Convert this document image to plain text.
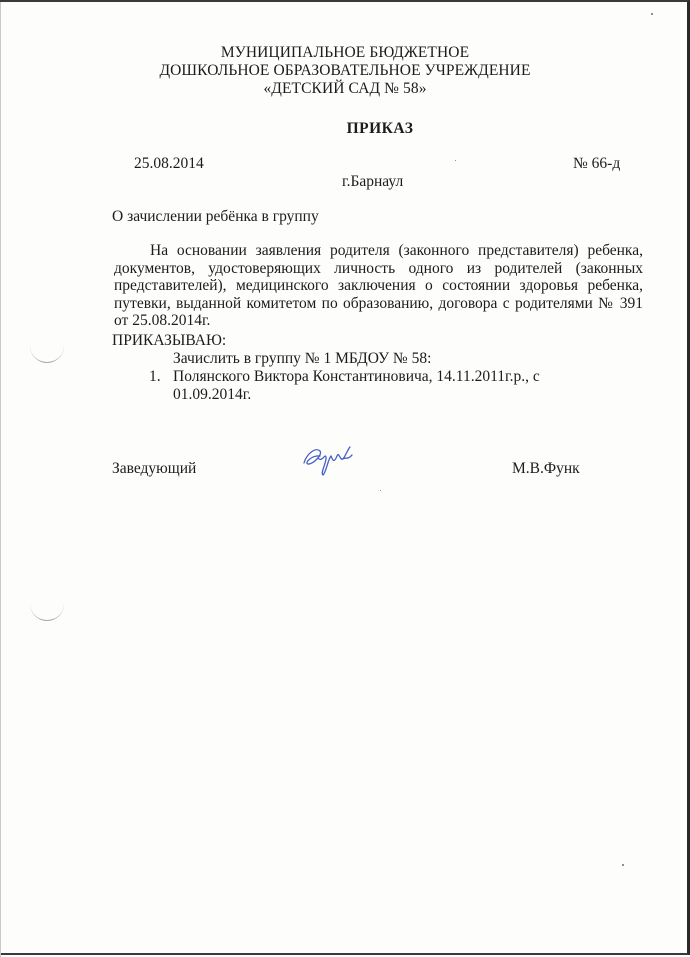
МУНИЦИПАЛЬНОЕ БЮДЖЕТНОЕ
ДОШКОЛЬНОЕ ОБРАЗОВАТЕЛЬНОЕ УЧРЕЖДЕНИЕ
«ДЕТСКИЙ САД № 58»
ПРИКАЗ
25.08.2014	№ 66-д
г.Барнаул
О зачислении ребёнка в группу
На основании заявления родителя (законного представителя) ребенка, документов, удостоверяющих личность одного из родителей (законных представителей), медицинского заключения о состоянии здоровья ребенка, путевки, выданной комитетом по образованию, договора с родителями № 391 от 25.08.2014г.
ПРИКАЗЫВАЮ:
Зачислить в группу № 1 МБДОУ № 58:
1. Полянского Виктора Константиновича, 14.11.2011г.р., с 01.09.2014г.
Заведующий	М.В.Функ
